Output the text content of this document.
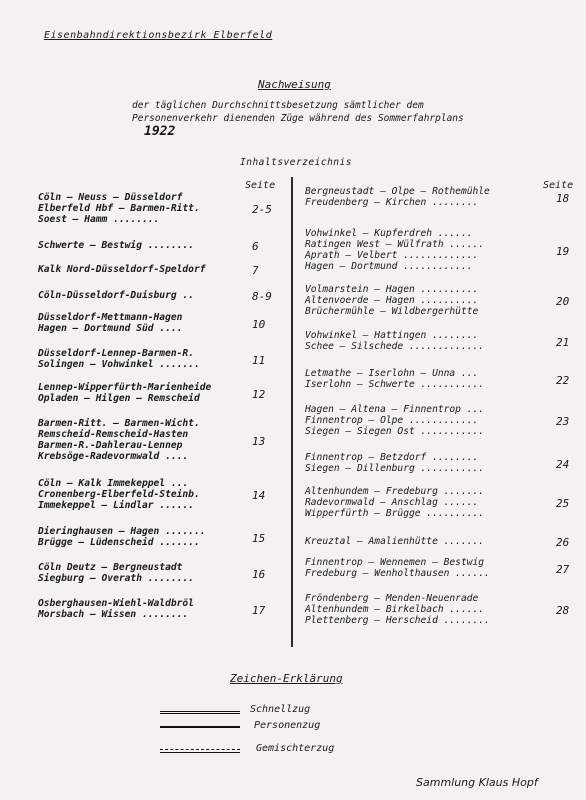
Eisenbahndirektionsbezirk Elberfeld
Nachweisung
der täglichen Durchschnittsbesetzung sämtlicher dem
Personenverkehr dienenden Züge während des Sommerfahrplans
1922
Inhaltsverzeichnis
Seite	Seite
Cöln — Neuss — Düsseldorf
Elberfeld Hbf — Barmen-Ritt.
Soest — Hamm ........
2-5
Schwerte — Bestwig ........	6
Kalk Nord-Düsseldorf-Speldorf	7
Cöln-Düsseldorf-Duisburg ..	8-9
Düsseldorf-Mettmann-Hagen
Hagen — Dortmund Süd ....	10
Düsseldorf-Lennep-Barmen-R.
Solingen — Vohwinkel .......	11
Lennep-Wipperfürth-Marienheide
Opladen — Hilgen — Remscheid	12
Barmen-Ritt. — Barmen-Wicht.
Remscheid-Remscheid-Hasten
Barmen-R.-Dahlerau-Lennep
Krebsöge-Radevormwald ....
13
Cöln — Kalk Immekeppel ...
Cronenberg-Elberfeld-Steinb.
Immekeppel — Lindlar ......
14
Dieringhausen — Hagen .......
Brügge — Lüdenscheid .......	15
Cöln Deutz — Bergneustadt
Siegburg — Overath ........	16
Osberghausen-Wiehl-Waldbröl
Morsbach — Wissen ........	17
Bergneustadt — Olpe — Rothemühle
Freudenberg — Kirchen ........	18
Vohwinkel — Kupferdreh ......
Ratingen West — Wülfrath ......
Aprath — Velbert .............
Hagen — Dortmund ............
19
Volmarstein — Hagen ..........
Altenvoerde — Hagen ..........
Brüchermühle — Wildbergerhütte
20
Vohwinkel — Hattingen ........
Schee — Silschede .............	21
Letmathe — Iserlohn — Unna ...
Iserlohn — Schwerte ...........	22
Hagen — Altena — Finnentrop ...
Finnentrop — Olpe ............
Siegen — Siegen Ost ...........
23
Finnentrop — Betzdorf ........
Siegen — Dillenburg ...........	24
Altenhundem — Fredeburg .......
Radevormwald — Anschlag ......
Wipperfürth — Brügge ..........
25
Kreuztal — Amalienhütte .......	26
Finnentrop — Wennemen — Bestwig
Fredeburg — Wenholthausen ......	27
Fröndenberg — Menden-Neuenrade
Altenhundem — Birkelbach ......
Plettenberg — Herscheid ........
28
Zeichen-Erklärung
Schnellzug
Personenzug
Gemischterzug
Sammlung Klaus Hopf
